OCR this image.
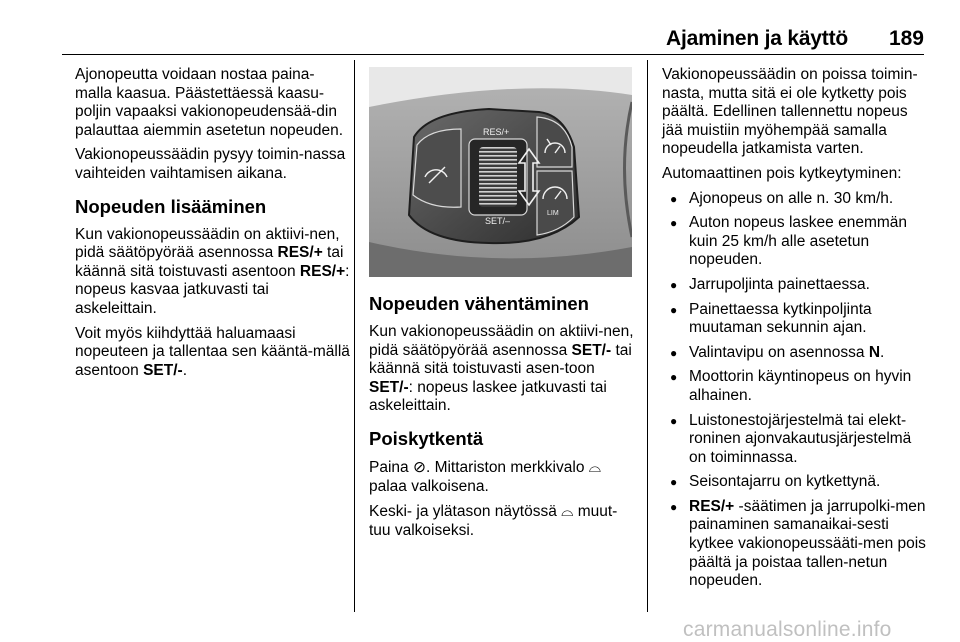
Ajaminen ja käyttö 189

Ajonopeutta voidaan nostaa paina-malla kaasua. Päästettäessä kaasu-poljin vapaaksi vakionopeudensää-din palauttaa aiemmin asetetun nopeuden.

Vakionopeussäädin pysyy toimin-nassa vaihteiden vaihtamisen aikana.

Nopeuden lisääminen

Kun vakionopeussäädin on aktiivi-nen, pidä säätöpyörää asennossa RES/+ tai käännä sitä toistuvasti asentoon RES/+: nopeus kasvaa jatkuvasti tai askeleittain.

Voit myös kiihdyttää haluamaasi nopeuteen ja tallentaa sen kääntä-mällä asentoon SET/-.

RES/+
SET/–
LIM
Nopeuden vähentäminen

Kun vakionopeussäädin on aktiivi-nen, pidä säätöpyörää asennossa SET/- tai käännä sitä toistuvasti asen-toon SET/-: nopeus laskee jatkuvasti tai askeleittain.

Poiskytkentä

Paina ⊘. Mittariston merkkivalo ⌓ palaa valkoisena.

Keski- ja ylätason näytössä ⌓ muut-tuu valkoiseksi.

Vakionopeussäädin on poissa toimin-nasta, mutta sitä ei ole kytketty pois päältä. Edellinen tallennettu nopeus jää muistiin myöhempää samalla nopeudella jatkamista varten.

Automaattinen pois kytkeytyminen:

● Ajonopeus on alle n. 30 km/h.
● Auton nopeus laskee enemmän kuin 25 km/h alle asetetun nopeuden.
● Jarrupoljinta painettaessa.
● Painettaessa kytkinpoljinta muutaman sekunnin ajan.
● Valintavipu on asennossa N.
● Moottorin käyntinopeus on hyvin alhainen.
● Luistonestojärjestelmä tai elekt-roninen ajonvakautusjärjestelmä on toiminnassa.
● Seisontajarru on kytkettynä.
● RES/+ -säätimen ja jarrupolki-men painaminen samanaikai-sesti kytkee vakionopeussääti-men pois päältä ja poistaa tallen-netun nopeuden.
carmanualsonline.info
